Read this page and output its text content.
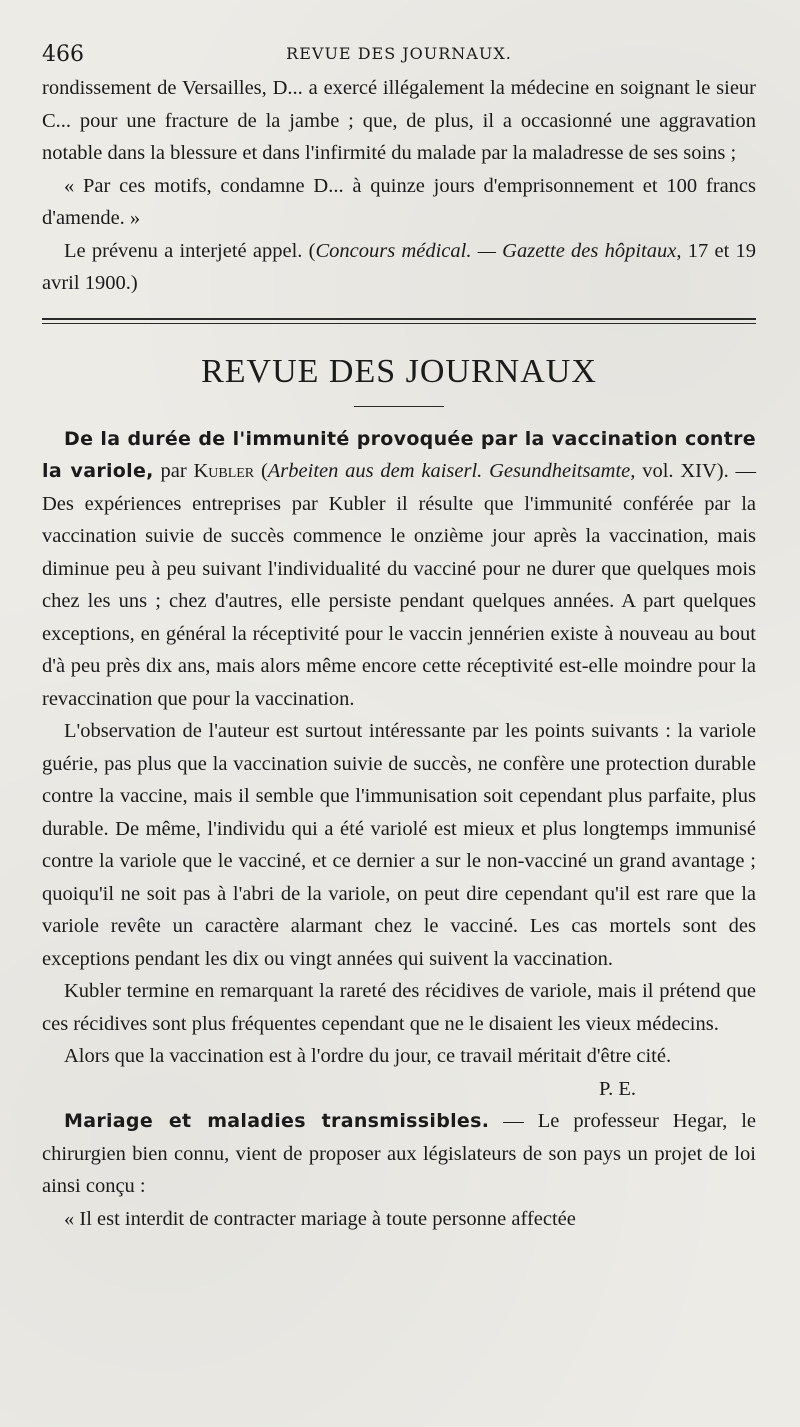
466	REVUE DES JOURNAUX.

rondissement de Versailles, D... a exercé illégalement la médecine en soignant le sieur C... pour une fracture de la jambe ; que, de plus, il a occasionné une aggravation notable dans la blessure et dans l'infirmité du malade par la maladresse de ses soins ;

« Par ces motifs, condamne D... à quinze jours d'emprisonnement et 100 francs d'amende. »

Le prévenu a interjeté appel. (Concours médical. — Gazette des hôpitaux, 17 et 19 avril 1900.)

REVUE DES JOURNAUX

De la durée de l'immunité provoquée par la vaccination contre la variole, par Kubler (Arbeiten aus dem kaiserl. Gesundheitsamte, vol. XIV). — Des expériences entreprises par Kubler il résulte que l'immunité conférée par la vaccination suivie de succès commence le onzième jour après la vaccination, mais diminue peu à peu suivant l'individualité du vacciné pour ne durer que quelques mois chez les uns ; chez d'autres, elle persiste pendant quelques années. A part quelques exceptions, en général la réceptivité pour le vaccin jennérien existe à nouveau au bout d'à peu près dix ans, mais alors même encore cette réceptivité est-elle moindre pour la revaccination que pour la vaccination.

L'observation de l'auteur est surtout intéressante par les points suivants : la variole guérie, pas plus que la vaccination suivie de succès, ne confère une protection durable contre la vaccine, mais il semble que l'immunisation soit cependant plus parfaite, plus durable. De même, l'individu qui a été variolé est mieux et plus longtemps immunisé contre la variole que le vacciné, et ce dernier a sur le non-vacciné un grand avantage ; quoiqu'il ne soit pas à l'abri de la variole, on peut dire cependant qu'il est rare que la variole revête un caractère alarmant chez le vacciné. Les cas mortels sont des exceptions pendant les dix ou vingt années qui suivent la vaccination.

Kubler termine en remarquant la rareté des récidives de variole, mais il prétend que ces récidives sont plus fréquentes cependant que ne le disaient les vieux médecins.

Alors que la vaccination est à l'ordre du jour, ce travail méritait d'être cité.

P. E.

Mariage et maladies transmissibles. — Le professeur Hegar, le chirurgien bien connu, vient de proposer aux législateurs de son pays un projet de loi ainsi conçu :

« Il est interdit de contracter mariage à toute personne affectée
